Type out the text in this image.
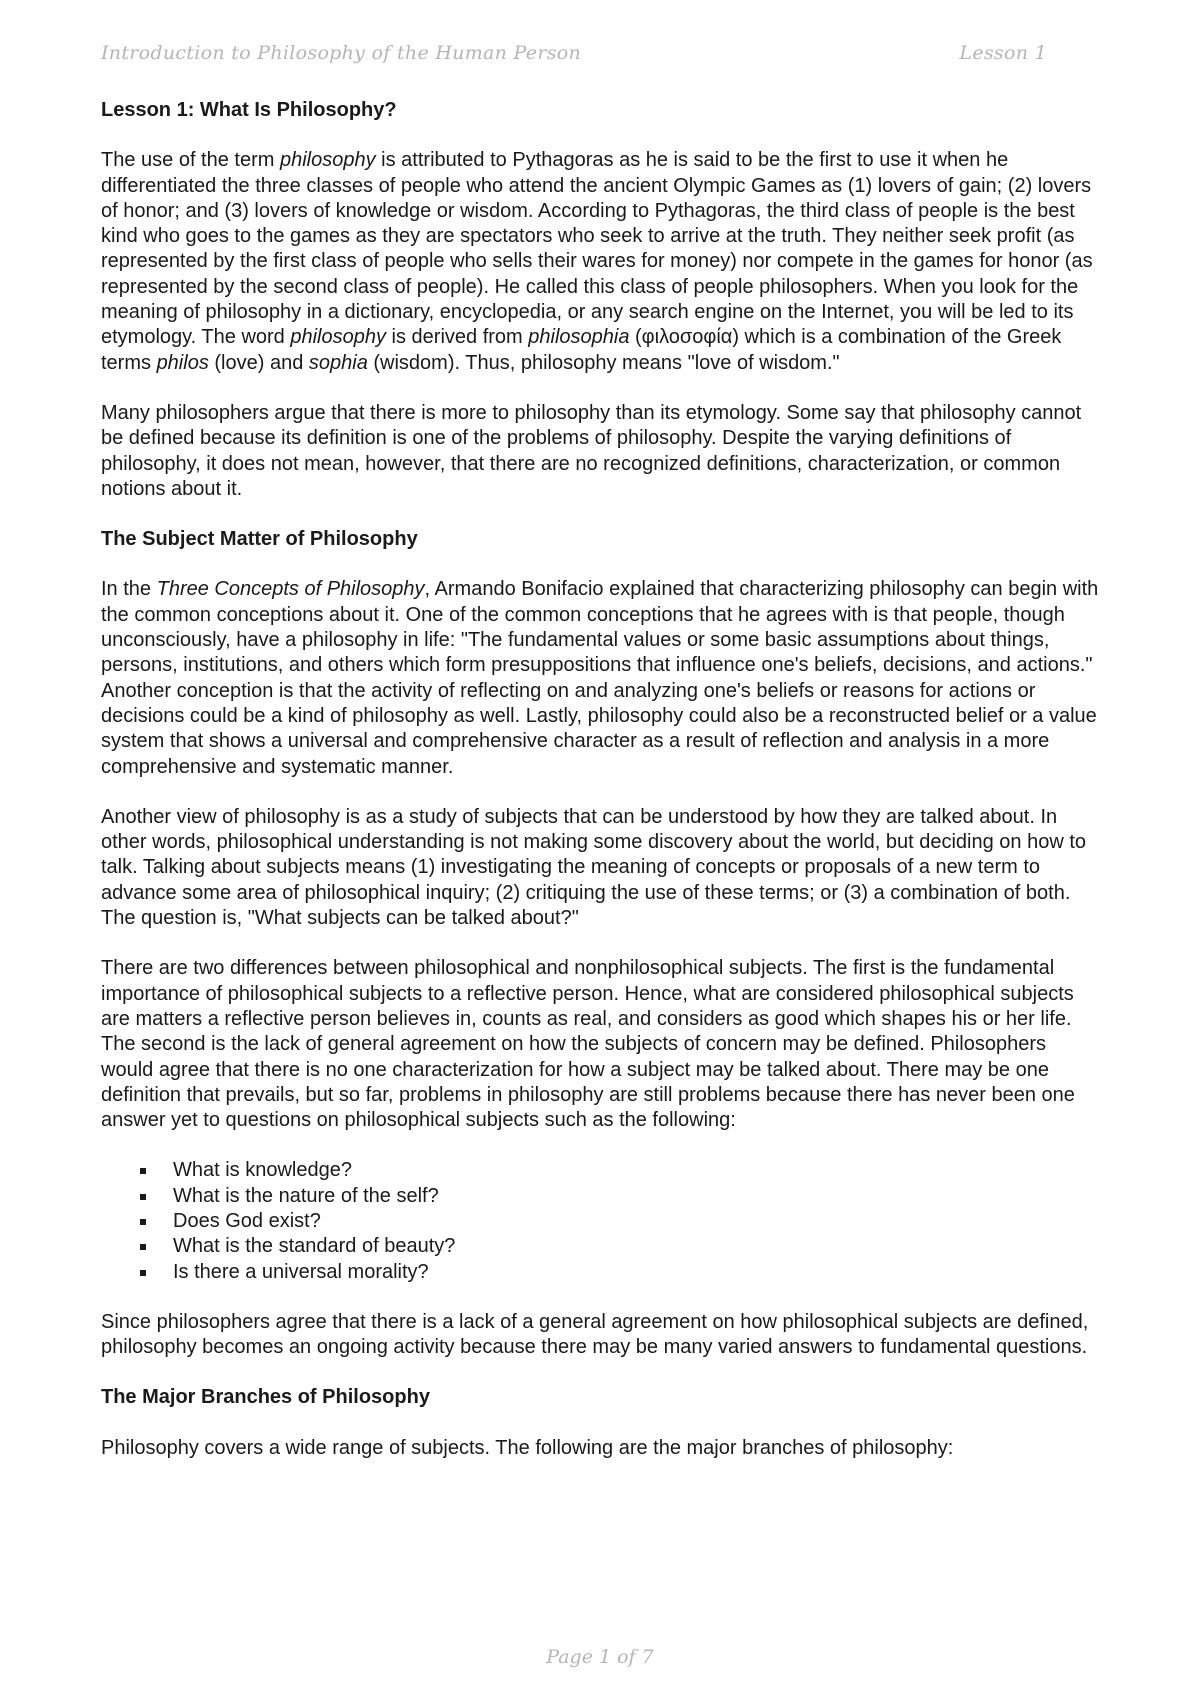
Introduction to Philosophy of the Human Person	Lesson 1

Lesson 1: What Is Philosophy?

The use of the term philosophy is attributed to Pythagoras as he is said to be the first to use it when he differentiated the three classes of people who attend the ancient Olympic Games as (1) lovers of gain; (2) lovers of honor; and (3) lovers of knowledge or wisdom. According to Pythagoras, the third class of people is the best kind who goes to the games as they are spectators who seek to arrive at the truth. They neither seek profit (as represented by the first class of people who sells their wares for money) nor compete in the games for honor (as represented by the second class of people). He called this class of people philosophers. When you look for the meaning of philosophy in a dictionary, encyclopedia, or any search engine on the Internet, you will be led to its etymology. The word philosophy is derived from philosophia (φιλοσοφία) which is a combination of the Greek terms philos (love) and sophia (wisdom). Thus, philosophy means "love of wisdom."

Many philosophers argue that there is more to philosophy than its etymology. Some say that philosophy cannot be defined because its definition is one of the problems of philosophy. Despite the varying definitions of philosophy, it does not mean, however, that there are no recognized definitions, characterization, or common notions about it.

The Subject Matter of Philosophy

In the Three Concepts of Philosophy, Armando Bonifacio explained that characterizing philosophy can begin with the common conceptions about it. One of the common conceptions that he agrees with is that people, though unconsciously, have a philosophy in life: "The fundamental values or some basic assumptions about things, persons, institutions, and others which form presuppositions that influence one's beliefs, decisions, and actions." Another conception is that the activity of reflecting on and analyzing one's beliefs or reasons for actions or decisions could be a kind of philosophy as well. Lastly, philosophy could also be a reconstructed belief or a value system that shows a universal and comprehensive character as a result of reflection and analysis in a more comprehensive and systematic manner.

Another view of philosophy is as a study of subjects that can be understood by how they are talked about. In other words, philosophical understanding is not making some discovery about the world, but deciding on how to talk. Talking about subjects means (1) investigating the meaning of concepts or proposals of a new term to advance some area of philosophical inquiry; (2) critiquing the use of these terms; or (3) a combination of both. The question is, "What subjects can be talked about?"

There are two differences between philosophical and nonphilosophical subjects. The first is the fundamental importance of philosophical subjects to a reflective person. Hence, what are considered philosophical subjects are matters a reflective person believes in, counts as real, and considers as good which shapes his or her life. The second is the lack of general agreement on how the subjects of concern may be defined. Philosophers would agree that there is no one characterization for how a subject may be talked about. There may be one definition that prevails, but so far, problems in philosophy are still problems because there has never been one answer yet to questions on philosophical subjects such as the following:

What is knowledge?
What is the nature of the self?
Does God exist?
What is the standard of beauty?
Is there a universal morality?

Since philosophers agree that there is a lack of a general agreement on how philosophical subjects are defined, philosophy becomes an ongoing activity because there may be many varied answers to fundamental questions.

The Major Branches of Philosophy

Philosophy covers a wide range of subjects. The following are the major branches of philosophy:

Page 1 of 7
